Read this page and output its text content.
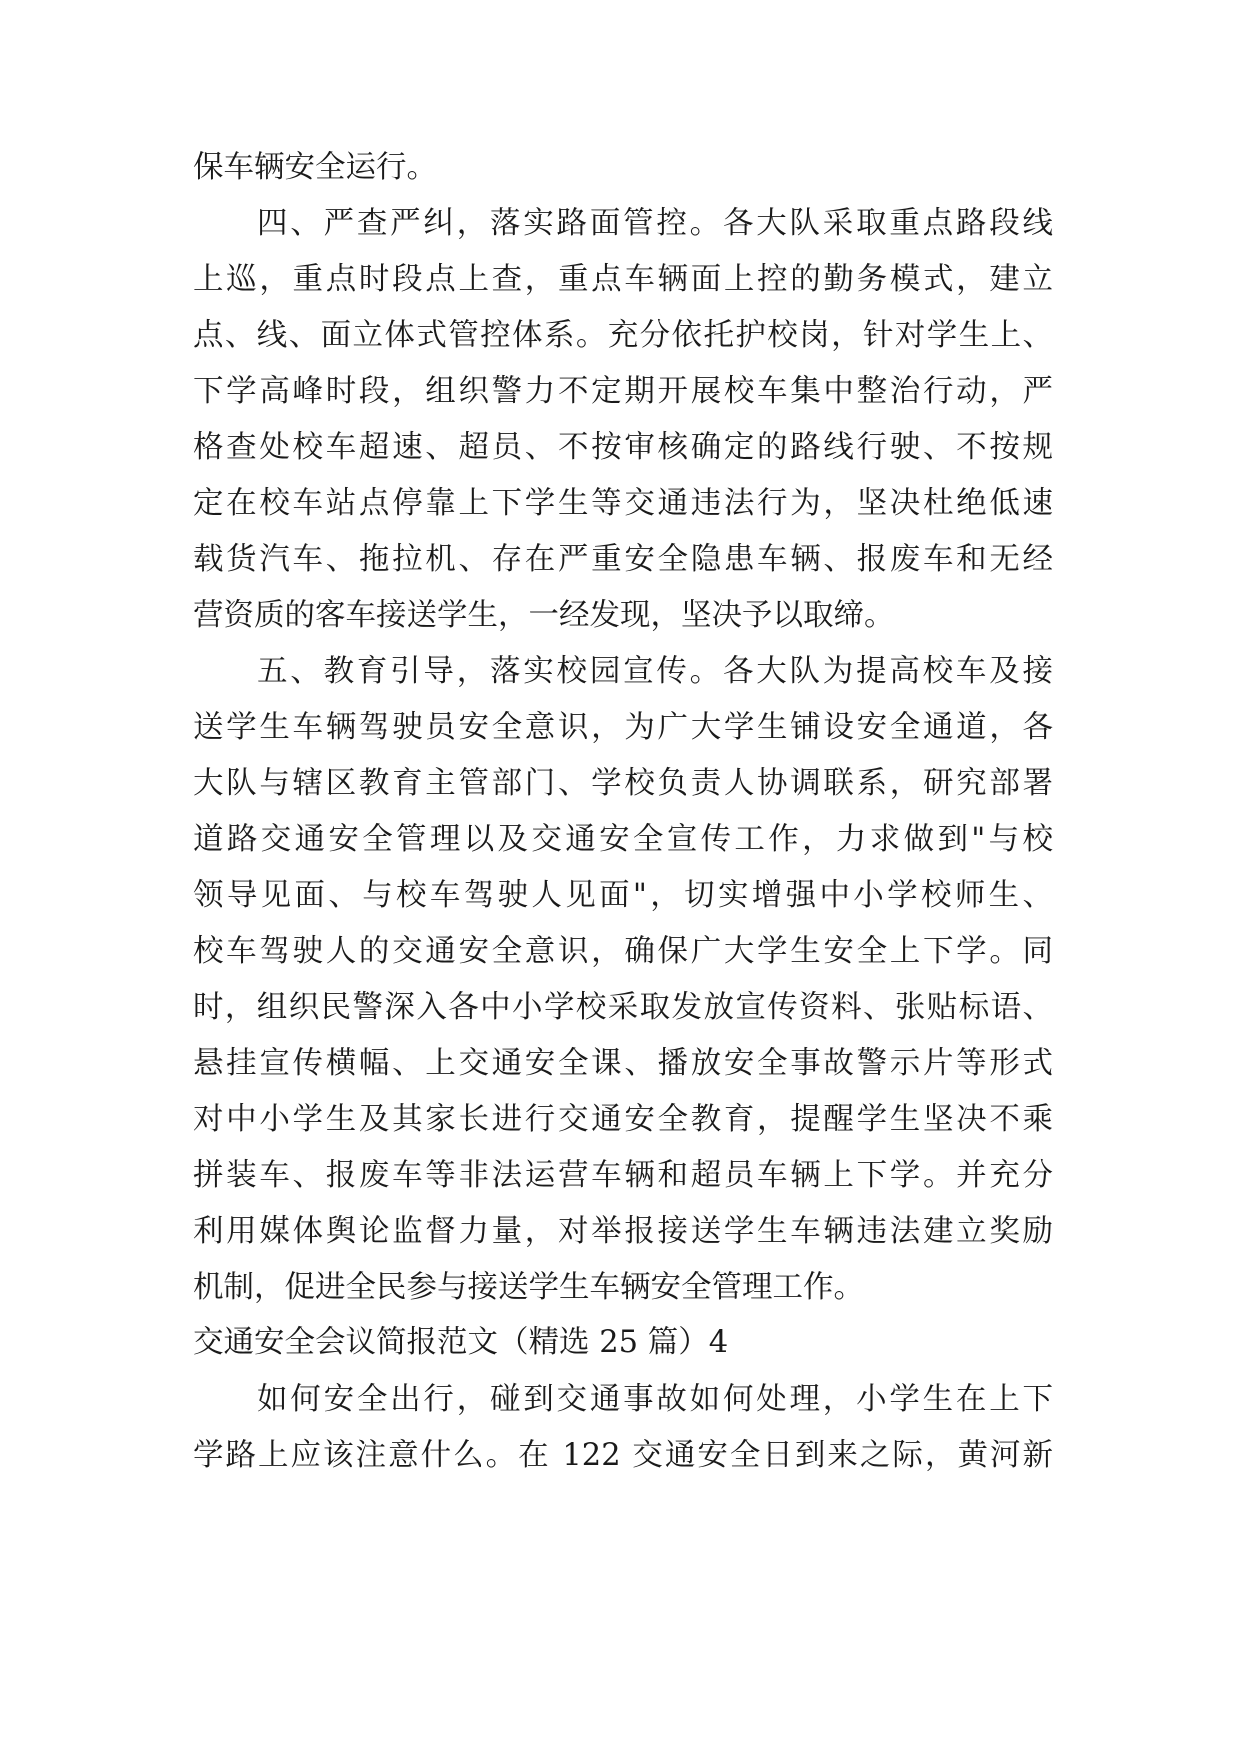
保车辆安全运行。
四、严查严纠，落实路面管控。各大队采取重点路段线
上巡，重点时段点上查，重点车辆面上控的勤务模式，建立
点、线、面立体式管控体系。充分依托护校岗，针对学生上、
下学高峰时段，组织警力不定期开展校车集中整治行动，严
格查处校车超速、超员、不按审核确定的路线行驶、不按规
定在校车站点停靠上下学生等交通违法行为，坚决杜绝低速
载货汽车、拖拉机、存在严重安全隐患车辆、报废车和无经
营资质的客车接送学生，一经发现，坚决予以取缔。
五、教育引导，落实校园宣传。各大队为提高校车及接
送学生车辆驾驶员安全意识，为广大学生铺设安全通道，各
大队与辖区教育主管部门、学校负责人协调联系，研究部署
道路交通安全管理以及交通安全宣传工作，力求做到"与校
领导见面、与校车驾驶人见面"，切实增强中小学校师生、
校车驾驶人的交通安全意识，确保广大学生安全上下学。同
时，组织民警深入各中小学校采取发放宣传资料、张贴标语、
悬挂宣传横幅、上交通安全课、播放安全事故警示片等形式
对中小学生及其家长进行交通安全教育，提醒学生坚决不乘
拼装车、报废车等非法运营车辆和超员车辆上下学。并充分
利用媒体舆论监督力量，对举报接送学生车辆违法建立奖励
机制，促进全民参与接送学生车辆安全管理工作。
交通安全会议简报范文（精选 25 篇）4
如何安全出行，碰到交通事故如何处理，小学生在上下
学路上应该注意什么。在 122 交通安全日到来之际，黄河新
